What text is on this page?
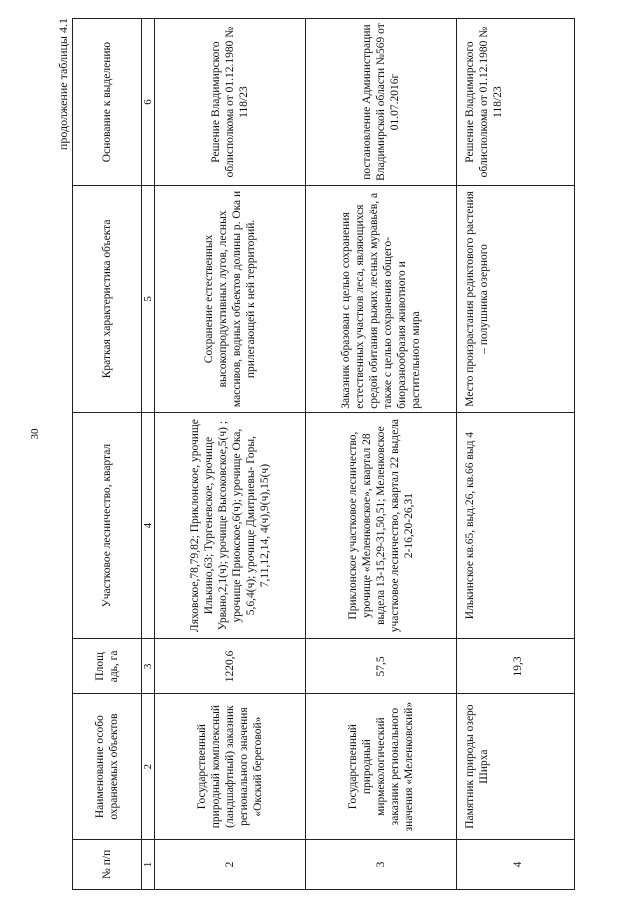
30
продолжение таблицы 4.1
№ п/п	Наименование особо охраняемых объектов	Площ адь, га	Участковое лесничество, квартал	Краткая характеристика объекта	Основание к выделению
1	2	3	4	5	6
2	Государственный природный комплексный (ландшафтный) заказник регионального значения «Окский береговой»	1220,6	Ляховское,78,79,82; Приклонское, урочище Илькино,63; Тургеневское, урочище Урвано,2,1(ч); урочище Высоковское,5(ч) ; урочище Приокское,6(ч); урочище Ока, 5,6,4(ч); урочище Дмитриевы- Горы, 7,11,12,14, 4(ч),9(ч),15(ч)	Сохранение естественных высокопродуктивных лугов, лесных массивов, водных объектов долины р. Ока и прилегающей к ней территорий.	Решение Владимирского облисполкома от 01.12.1980 № 118/23
3	Государственный природный мирмекологический заказник регионального значения «Меленковский»	57,5	Приклонское участковое лесничество, урочище «Меленковское», квартал 28 выдела 13-15,29-31,50,51; Меленковское участковое лесничество, квартал 22 выдела 2-16,20-26,31	Заказник образован с целью сохранения естественных участков леса, являющихся средой обитания рыжих лесных муравьёв, а также с целью сохранения общего-биоразнообразия животного и растительного мира	постановление Администрации Владимирской области №569 от 01.07.2016г
4	Памятник природы озеро Ширха	19,3	Илькинское кв.65, выд.26, кв.66 выд 4	Место произрастания редиктового растения – полушника озерного	Решение Владимирского облисполкома от 01.12.1980 № 118/23
